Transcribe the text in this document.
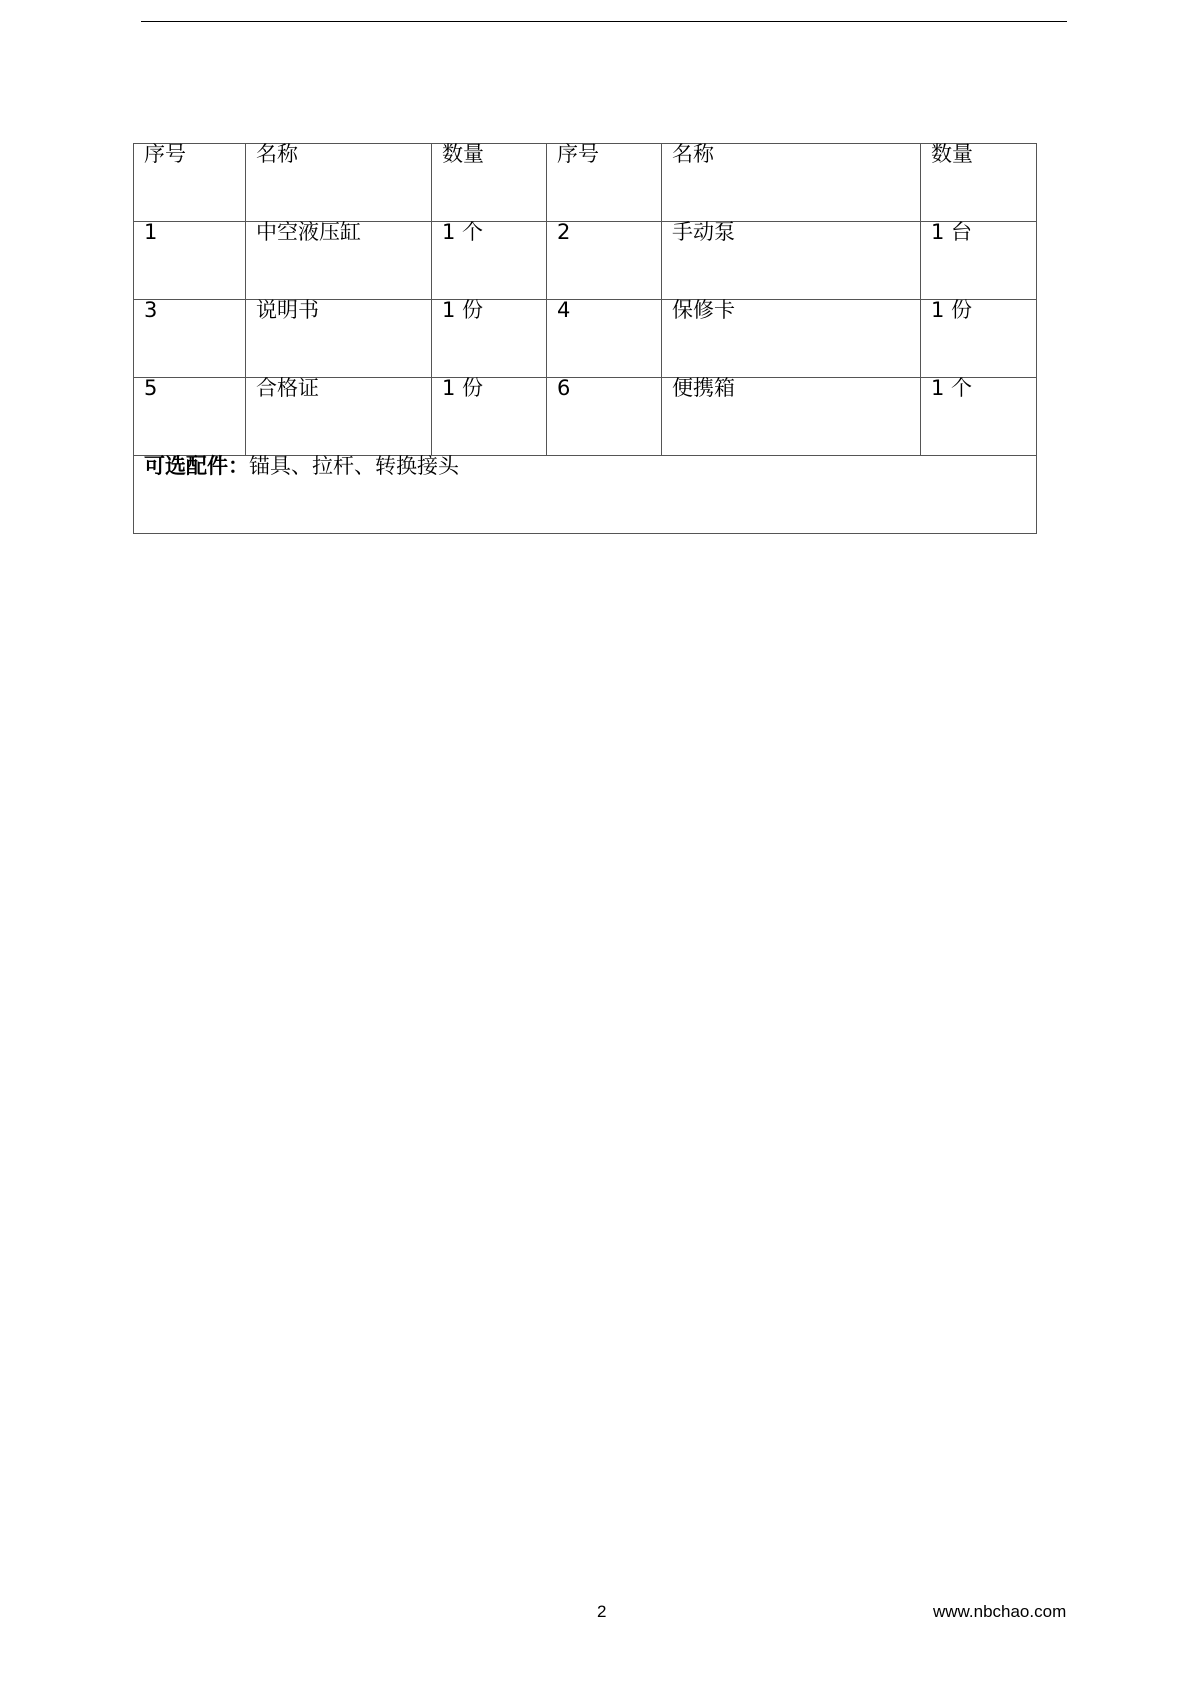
序号	名称	数量	序号	名称	数量

1	中空液压缸	1 个	2	手动泵	1 台

3	说明书	1 份	4	保修卡	1 份

5	合格证	1 份	6	便携箱	1 个

可选配件：锚具、拉杆、转换接头					
2	www.nbchao.com
